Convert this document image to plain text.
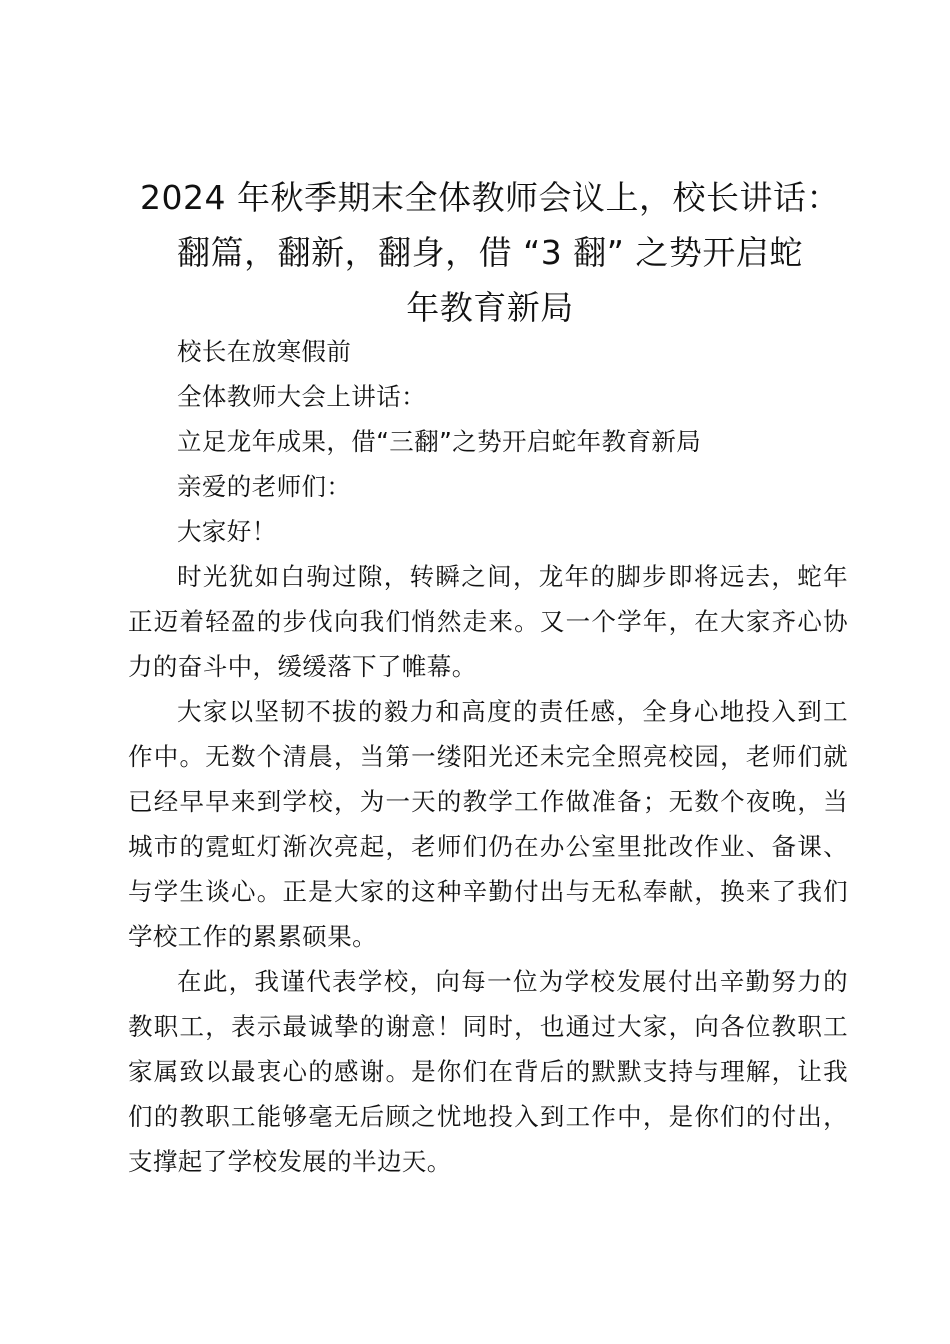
2024 年秋季期末全体教师会议上，校长讲话：
翻篇，翻新，翻身，借 “3 翻” 之势开启蛇
年教育新局

校长在放寒假前

全体教师大会上讲话：

立足龙年成果，借“三翻”之势开启蛇年教育新局

亲爱的老师们：

大家好！

时光犹如白驹过隙，转瞬之间，龙年的脚步即将远去，蛇年正迈着轻盈的步伐向我们悄然走来。又一个学年，在大家齐心协力的奋斗中，缓缓落下了帷幕。

大家以坚韧不拔的毅力和高度的责任感，全身心地投入到工作中。无数个清晨，当第一缕阳光还未完全照亮校园，老师们就已经早早来到学校，为一天的教学工作做准备；无数个夜晚，当城市的霓虹灯渐次亮起，老师们仍在办公室里批改作业、备课、与学生谈心。正是大家的这种辛勤付出与无私奉献，换来了我们学校工作的累累硕果。

在此，我谨代表学校，向每一位为学校发展付出辛勤努力的教职工，表示最诚挚的谢意！同时，也通过大家，向各位教职工家属致以最衷心的感谢。是你们在背后的默默支持与理解，让我们的教职工能够毫无后顾之忧地投入到工作中，是你们的付出，支撑起了学校发展的半边天。
